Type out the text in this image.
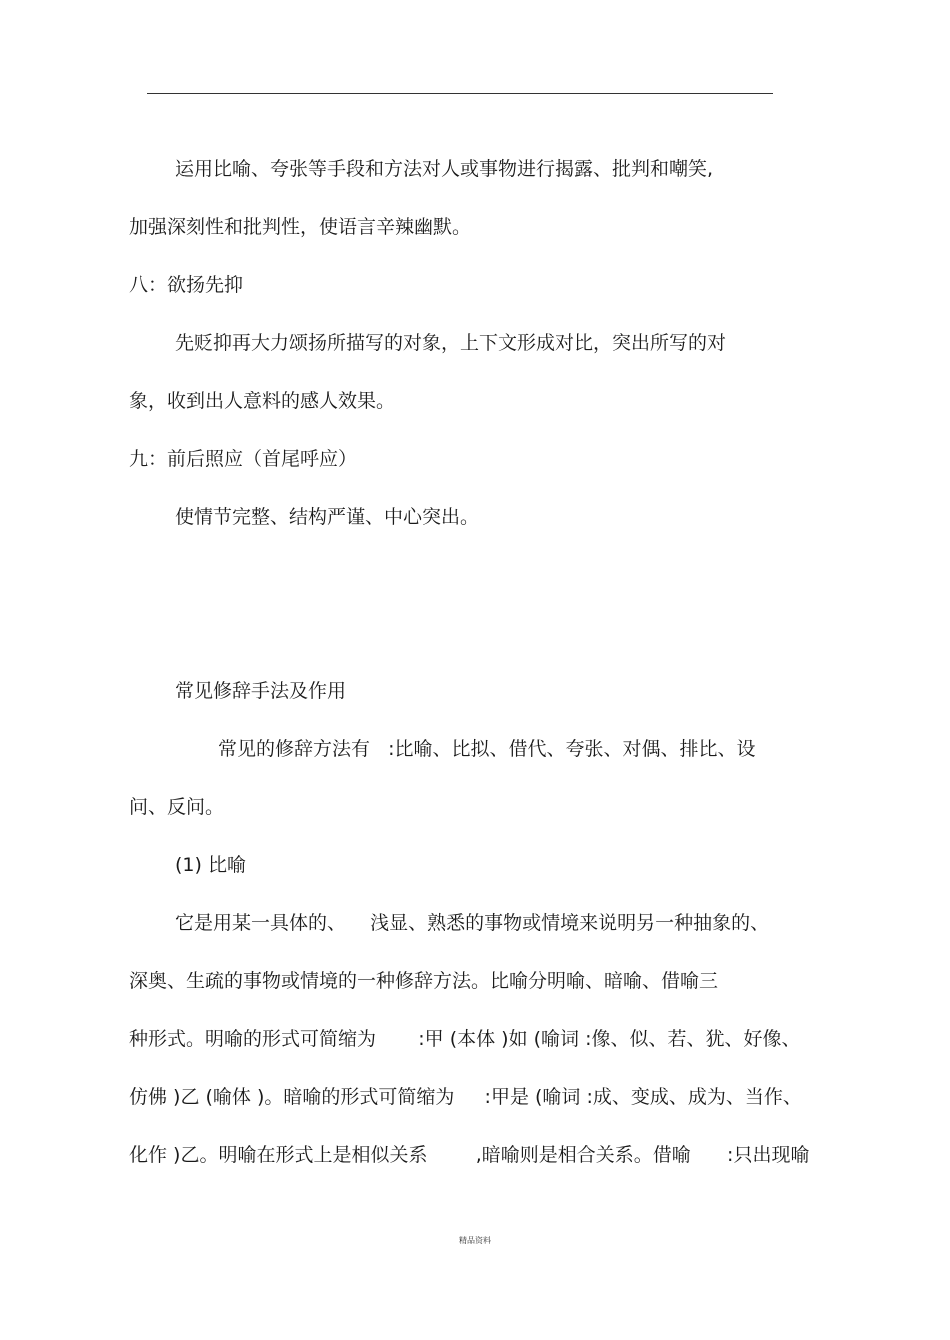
运用比喻、夸张等手段和方法对人或事物进行揭露、批判和嘲笑,

加强深刻性和批判性，使语言辛辣幽默。

八：欲扬先抑

先贬抑再大力颂扬所描写的对象，上下文形成对比，突出所写的对

象，收到出人意料的感人效果。

九：前后照应（首尾呼应）

使情节完整、结构严谨、中心突出。

常见修辞手法及作用

常见的修辞方法有   :比喻、比拟、借代、夸张、对偶、排比、设

问、反问。

(1) 比喻

它是用某一具体的、    浅显、熟悉的事物或情境来说明另一种抽象的、

深奥、生疏的事物或情境的一种修辞方法。比喻分明喻、暗喻、借喻三

种形式。明喻的形式可简缩为       :甲 (本体 )如 (喻词 :像、似、若、犹、好像、

仿佛 )乙 (喻体 )。暗喻的形式可简缩为     :甲是 (喻词 :成、变成、成为、当作、

化作 )乙。明喻在形式上是相似关系        ,暗喻则是相合关系。借喻      :只出现喻

精品资料
